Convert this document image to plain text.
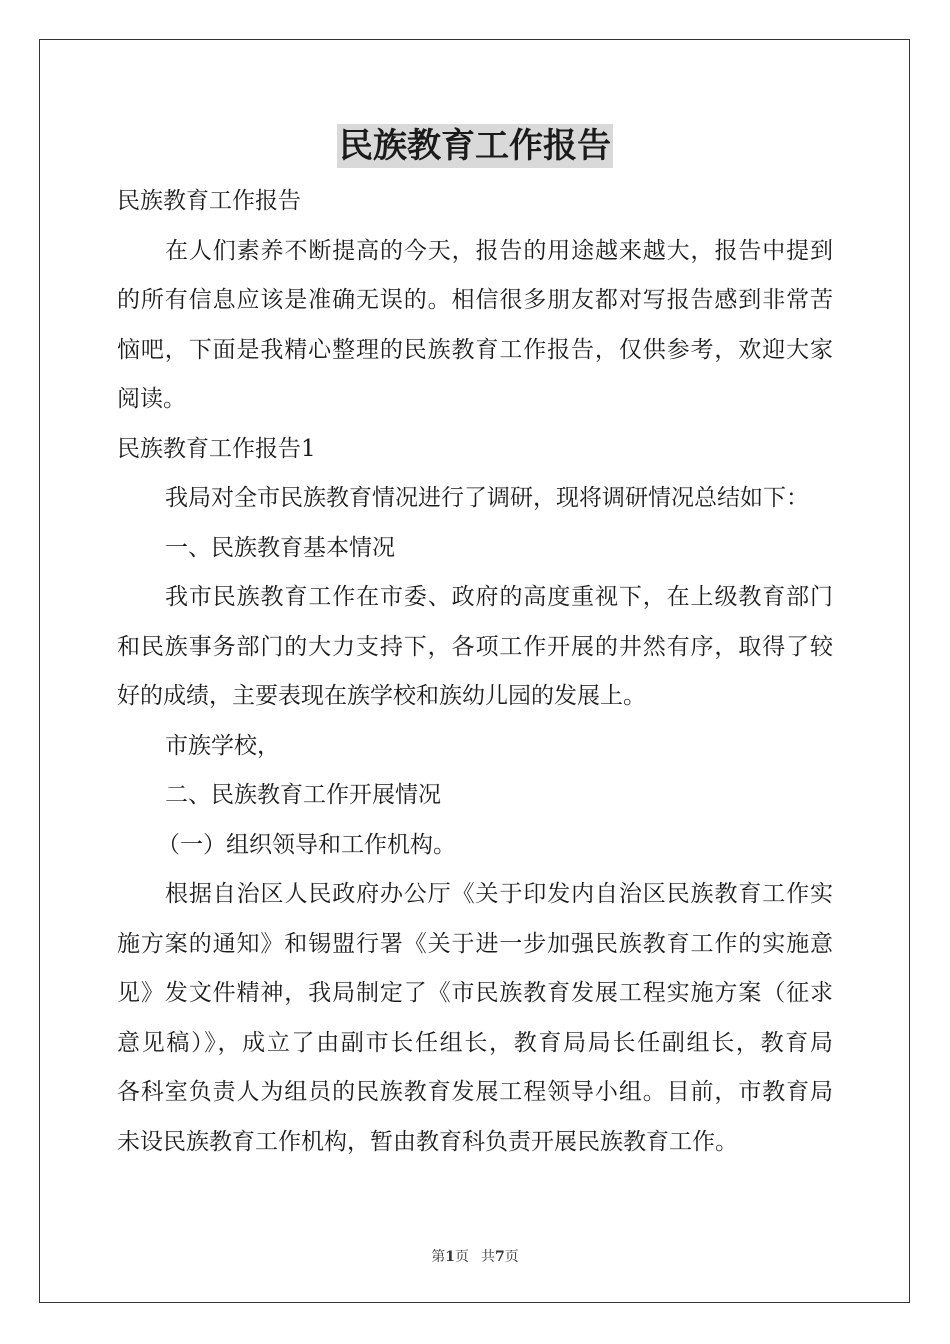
民族教育工作报告
民族教育工作报告
在人们素养不断提高的今天，报告的用途越来越大，报告中提到
的所有信息应该是准确无误的。相信很多朋友都对写报告感到非常苦
恼吧，下面是我精心整理的民族教育工作报告，仅供参考，欢迎大家
阅读。
民族教育工作报告1
我局对全市民族教育情况进行了调研，现将调研情况总结如下：
一、民族教育基本情况
我市民族教育工作在市委、政府的高度重视下，在上级教育部门
和民族事务部门的大力支持下，各项工作开展的井然有序，取得了较
好的成绩，主要表现在族学校和族幼儿园的发展上。
市族学校，
二、民族教育工作开展情况
（一）组织领导和工作机构。
根据自治区人民政府办公厅《关于印发内自治区民族教育工作实
施方案的通知》和锡盟行署《关于进一步加强民族教育工作的实施意
见》发文件精神，我局制定了《市民族教育发展工程实施方案（征求
意见稿）》，成立了由副市长任组长，教育局局长任副组长，教育局
各科室负责人为组员的民族教育发展工程领导小组。目前，市教育局
未设民族教育工作机构，暂由教育科负责开展民族教育工作。
第1页 共7页
